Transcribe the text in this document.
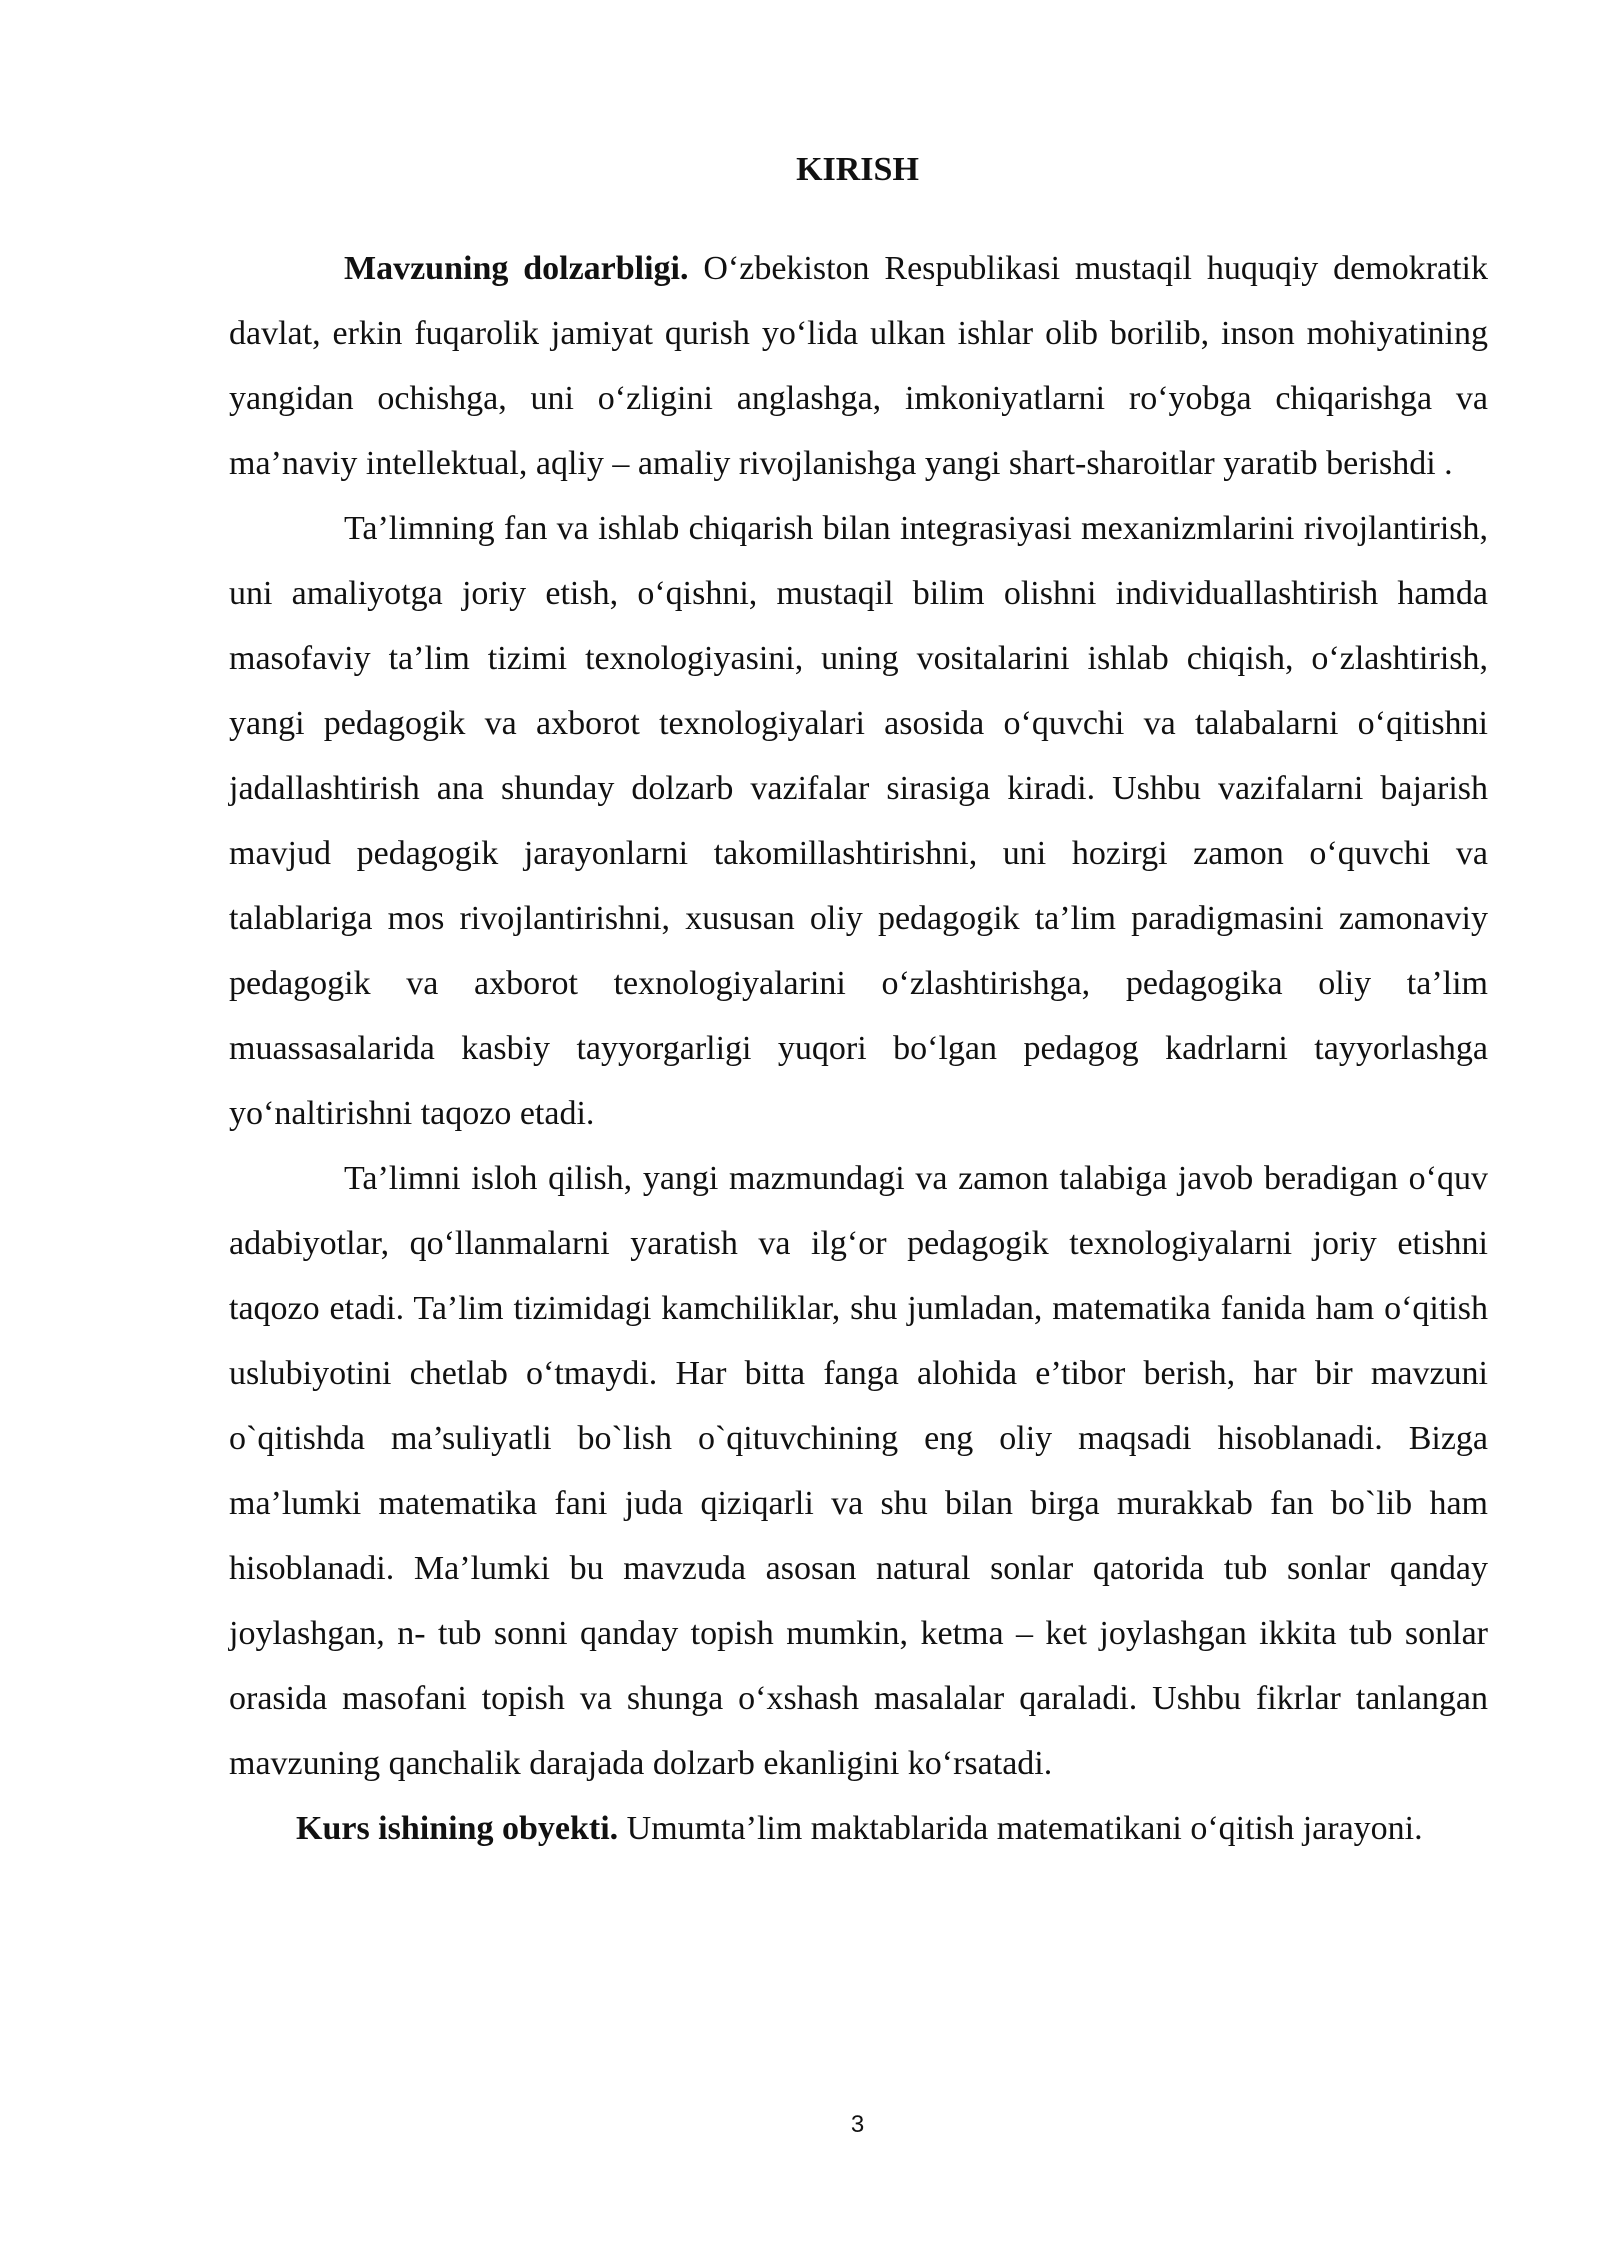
KIRISH

Mavzuning dolzarbligi. O‘zbekiston Respublikasi mustaqil huquqiy demokratik davlat, erkin fuqarolik jamiyat qurish yo‘lida ulkan ishlar olib borilib, inson mohiyatining yangidan ochishga, uni o‘zligini anglashga, imkoniyatlarni ro‘yobga chiqarishga va ma’naviy intellektual, aqliy – amaliy rivojlanishga yangi shart-sharoitlar yaratib berishdi .

Ta’limning fan va ishlab chiqarish bilan integrasiyasi mexanizmlarini rivojlantirish, uni amaliyotga joriy etish, o‘qishni, mustaqil bilim olishni individuallashtirish hamda masofaviy ta’lim tizimi texnologiyasini, uning vositalarini ishlab chiqish, o‘zlashtirish, yangi pedagogik va axborot texnologiyalari asosida o‘quvchi va talabalarni o‘qitishni jadallashtirish ana shunday dolzarb vazifalar sirasiga kiradi. Ushbu vazifalarni bajarish mavjud pedagogik jarayonlarni takomillashtirishni, uni hozirgi zamon o‘quvchi va talablariga mos rivojlantirishni, xususan oliy pedagogik ta’lim paradigmasini zamonaviy pedagogik va axborot texnologiyalarini o‘zlashtirishga, pedagogika oliy ta’lim muassasalarida kasbiy tayyorgarligi yuqori bo‘lgan pedagog kadrlarni tayyorlashga yo‘naltirishni taqozo etadi.

Ta’limni isloh qilish, yangi mazmundagi va zamon talabiga javob beradigan o‘quv adabiyotlar, qo‘llanmalarni yaratish va ilg‘or pedagogik texnologiyalarni joriy etishni taqozo etadi. Ta’lim tizimidagi kamchiliklar, shu jumladan, matematika fanida ham o‘qitish uslubiyotini chetlab o‘tmaydi. Har bitta fanga alohida e’tibor berish, har bir mavzuni o`qitishda ma’suliyatli bo`lish o`qituvchining eng oliy maqsadi hisoblanadi. Bizga ma’lumki matematika fani juda qiziqarli va shu bilan birga murakkab fan bo`lib ham hisoblanadi. Ma’lumki bu mavzuda asosan natural sonlar qatorida tub sonlar qanday joylashgan, n- tub sonni qanday topish mumkin, ketma – ket joylashgan ikkita tub sonlar orasida masofani topish va shunga o‘xshash masalalar qaraladi. Ushbu fikrlar tanlangan mavzuning qanchalik darajada dolzarb ekanligini ko‘rsatadi.

Kurs ishining obyekti. Umumta’lim maktablarida matematikani o‘qitish jarayoni.

3
